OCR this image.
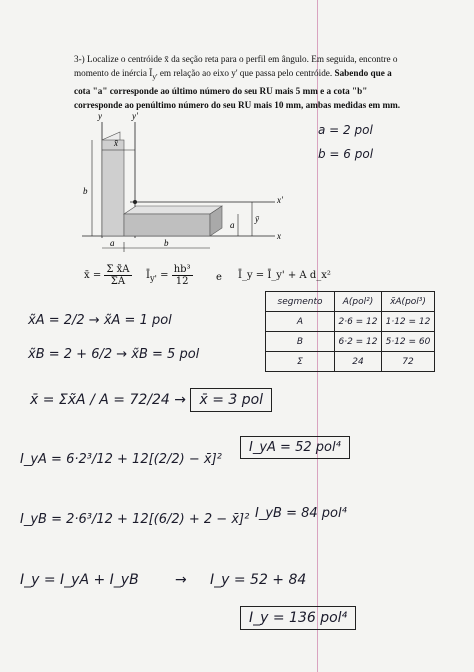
3-) Localize o centróide x̄ da seção reta para o perfil em ângulo. Em seguida, encontre o
momento de inércia $Ī_{y'}$ em relação ao eixo y' que passa pelo centróide. Sabendo que a
cota "a" corresponde ao último número do seu RU mais 5 mm e a cota "b"
corresponde ao penúltimo número do seu RU mais 10 mm, ambas medidas em mm.
y	y'
x̄
b
a
ȳ
x'
x
a	b
a = 2 pol
b = 6 pol
x̄ = $\frac{\text{Σ x̃A}}{\Sigma A}$ $Ī_{y'} = \frac{\text{hb³}}{12}$ e Ī_y = Ī_y' + A d_x²
segmento	A(pol²)	x̃A(pol³)
A	2·6 = 12	1·12 = 12
B	6·2 = 12	5·12 = 60
Σ	24	72
x̃A = 2/2 → x̃A = 1 pol
x̃B = 2 + 6/2 → x̃B = 5 pol
x̄ = Σx̃A / A = 72/24 → x̄ = 3 pol
I_yA = 6·2³/12 + 12[(2/2) − x̄]²
I_yA = 52 pol⁴
I_yB = 2·6³/12 + 12[(6/2) + 2 − x̄]² I_yB = 84 pol⁴
I_y = I_yA + I_yB	→ I_y = 52 + 84
I_y = 136 pol⁴
